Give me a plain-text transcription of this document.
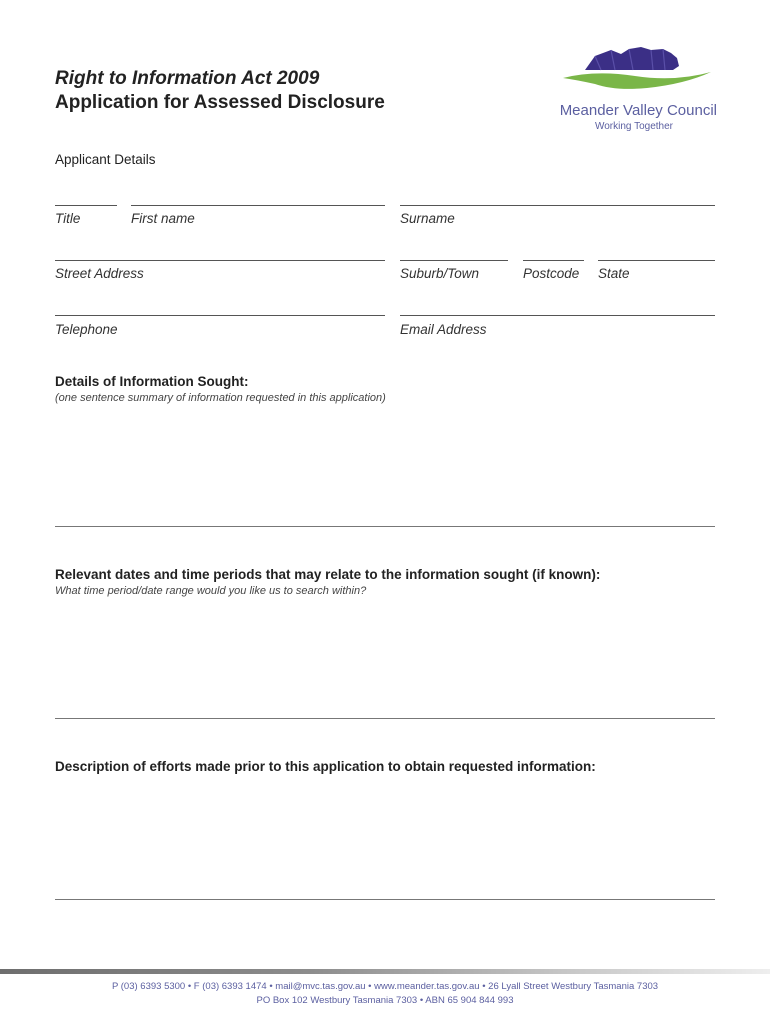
Right to Information Act 2009
Application for Assessed Disclosure	Meander Valley Council
Working Together
Applicant Details
Title	First name	Surname
Street Address	Suburb/Town	Postcode State
Telephone	Email Address
Details of Information Sought:
(one sentence summary of information requested in this application)
Relevant dates and time periods that may relate to the information sought (if known):
What time period/date range would you like us to search within?
Description of efforts made prior to this application to obtain requested information:
P (03) 6393 5300 • F (03) 6393 1474 • mail@mvc.tas.gov.au • www.meander.tas.gov.au • 26 Lyall Street Westbury Tasmania 7303
PO Box 102 Westbury Tasmania 7303 • ABN 65 904 844 993
